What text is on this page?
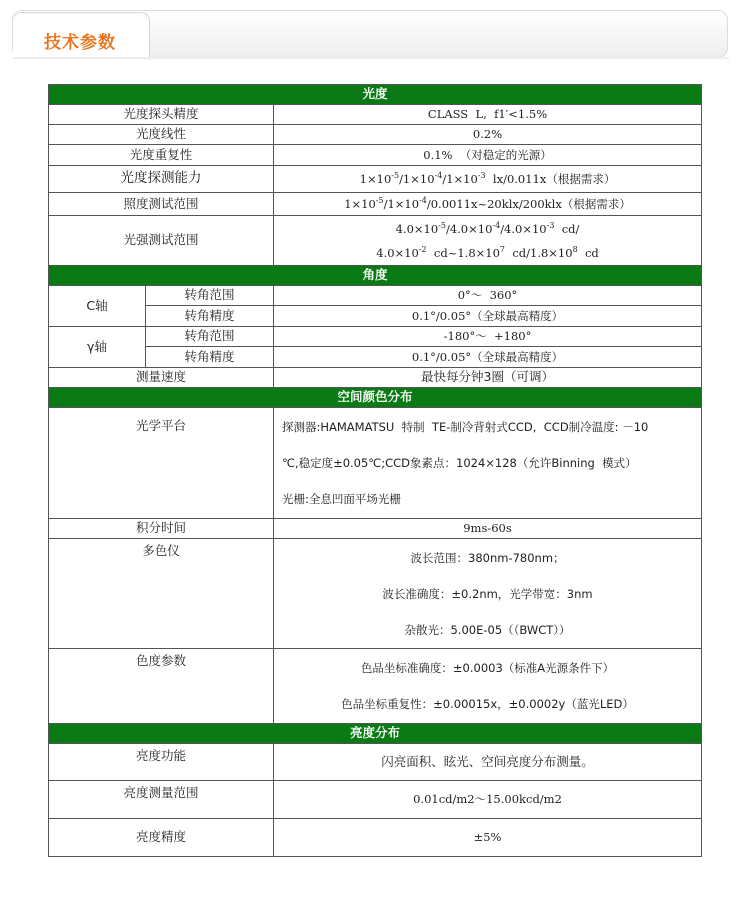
技术参数
光度		
光度探头精度		CLASS  L,  f1′<1.5%
光度线性		0.2%
光度重复性		0.1%  （对稳定的光源）
光度探测能力		$1\times 10^{-5}/1\times 10^{-4}/1\times 10^{-3}$  lx/0.011x（根据需求）
照度测试范围		$1\times 10^{-5}/1\times 10^{-4}/0.0011x\sim 20klx/200klx$（根据需求）
光强测试范围		$4.0\times 10^{-5}/4.0\times 10^{-4}/4.0\times 10^{-3}$  cd/
$4.0\times 10^{-2}$  $cd\sim 1.8\times 10^7$  $cd/1.8\times 10^8$  cd

角度		
C轴	转角范围	0°～  360°
	转角精度	0.1°/0.05°（全球最高精度）
γ轴	转角范围	-180°～  +180°
	转角精度	0.1°/0.05°（全球最高精度）
测量速度		最快每分钟3圈（可调）
空间颜色分布		
光学平台		探测器:HAMAMATSU  特制  TE-制冷背射式CCD,  CCD制冷温度: －10
℃,稳定度±0.05℃;CCD象素点：1024×128（允许Binning  模式）
光栅:全息凹面平场光栅

积分时间		9ms-60s
多色仪		波长范围：380nm-780nm；
波长准确度：±0.2nm，光学带宽：3nm
杂散光：5.00E-05（（BWCT））

色度参数		色品坐标准确度：±0.0003（标准A光源条件下）
色品坐标重复性：±0.00015x，±0.0002y（蓝光LED）

亮度分布		
亮度功能		闪亮面积、眩光、空间亮度分布测量。
亮度测量范围		0.01cd/m2～15.00kcd/m2
亮度精度		±5%
